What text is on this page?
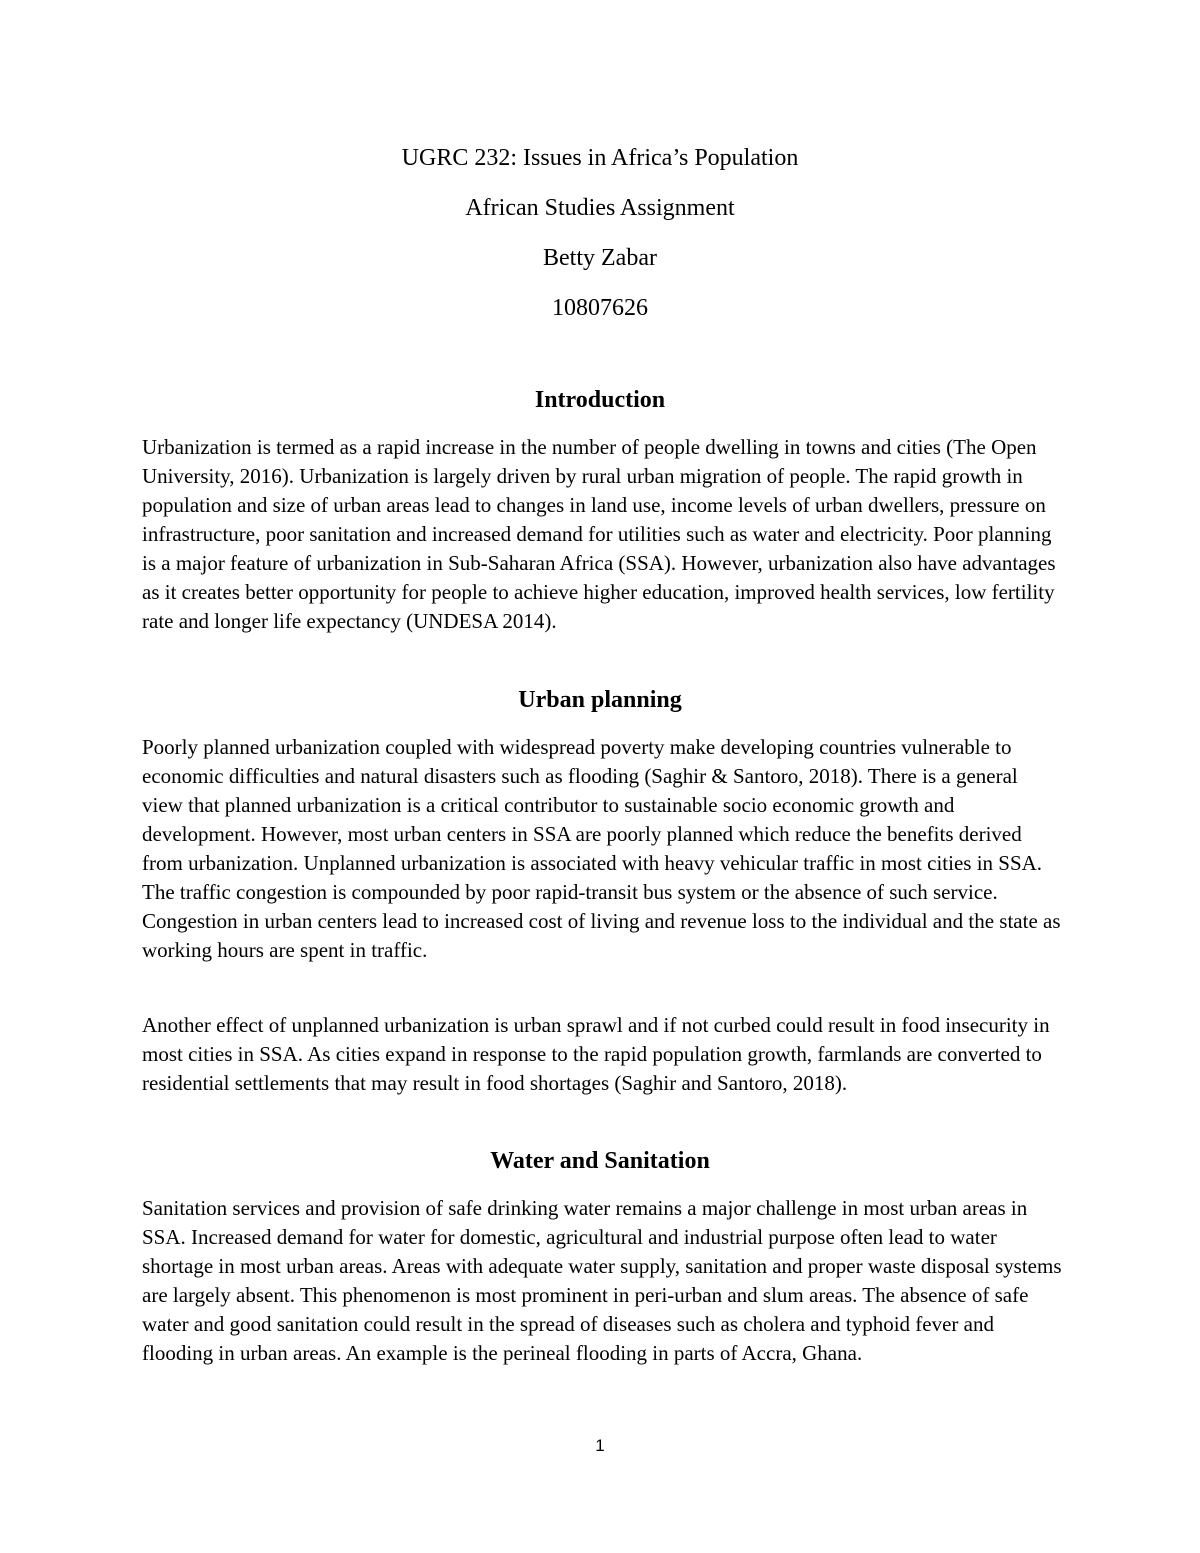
UGRC 232: Issues in Africa’s Population
African Studies Assignment
Betty Zabar
10807626
Introduction

Urbanization is termed as a rapid increase in the number of people dwelling in towns and cities (The Open University, 2016). Urbanization is largely driven by rural urban migration of people. The rapid growth in population and size of urban areas lead to changes in land use, income levels of urban dwellers, pressure on infrastructure, poor sanitation and increased demand for utilities such as water and electricity. Poor planning is a major feature of urbanization in Sub-Saharan Africa (SSA). However, urbanization also have advantages as it creates better opportunity for people to achieve higher education, improved health services, low fertility rate and longer life expectancy (UNDESA 2014).

Urban planning

Poorly planned urbanization coupled with widespread poverty make developing countries vulnerable to economic difficulties and natural disasters such as flooding (Saghir & Santoro, 2018). There is a general view that planned urbanization is a critical contributor to sustainable socio economic growth and development. However, most urban centers in SSA are poorly planned which reduce the benefits derived from urbanization. Unplanned urbanization is associated with heavy vehicular traffic in most cities in SSA. The traffic congestion is compounded by poor rapid-transit bus system or the absence of such service. Congestion in urban centers lead to increased cost of living and revenue loss to the individual and the state as working hours are spent in traffic.

Another effect of unplanned urbanization is urban sprawl and if not curbed could result in food insecurity in most cities in SSA. As cities expand in response to the rapid population growth, farmlands are converted to residential settlements that may result in food shortages (Saghir and Santoro, 2018).

Water and Sanitation

Sanitation services and provision of safe drinking water remains a major challenge in most urban areas in SSA. Increased demand for water for domestic, agricultural and industrial purpose often lead to water shortage in most urban areas. Areas with adequate water supply, sanitation and proper waste disposal systems are largely absent. This phenomenon is most prominent in peri-urban and slum areas. The absence of safe water and good sanitation could result in the spread of diseases such as cholera and typhoid fever and flooding in urban areas. An example is the perineal flooding in parts of Accra, Ghana.

1
